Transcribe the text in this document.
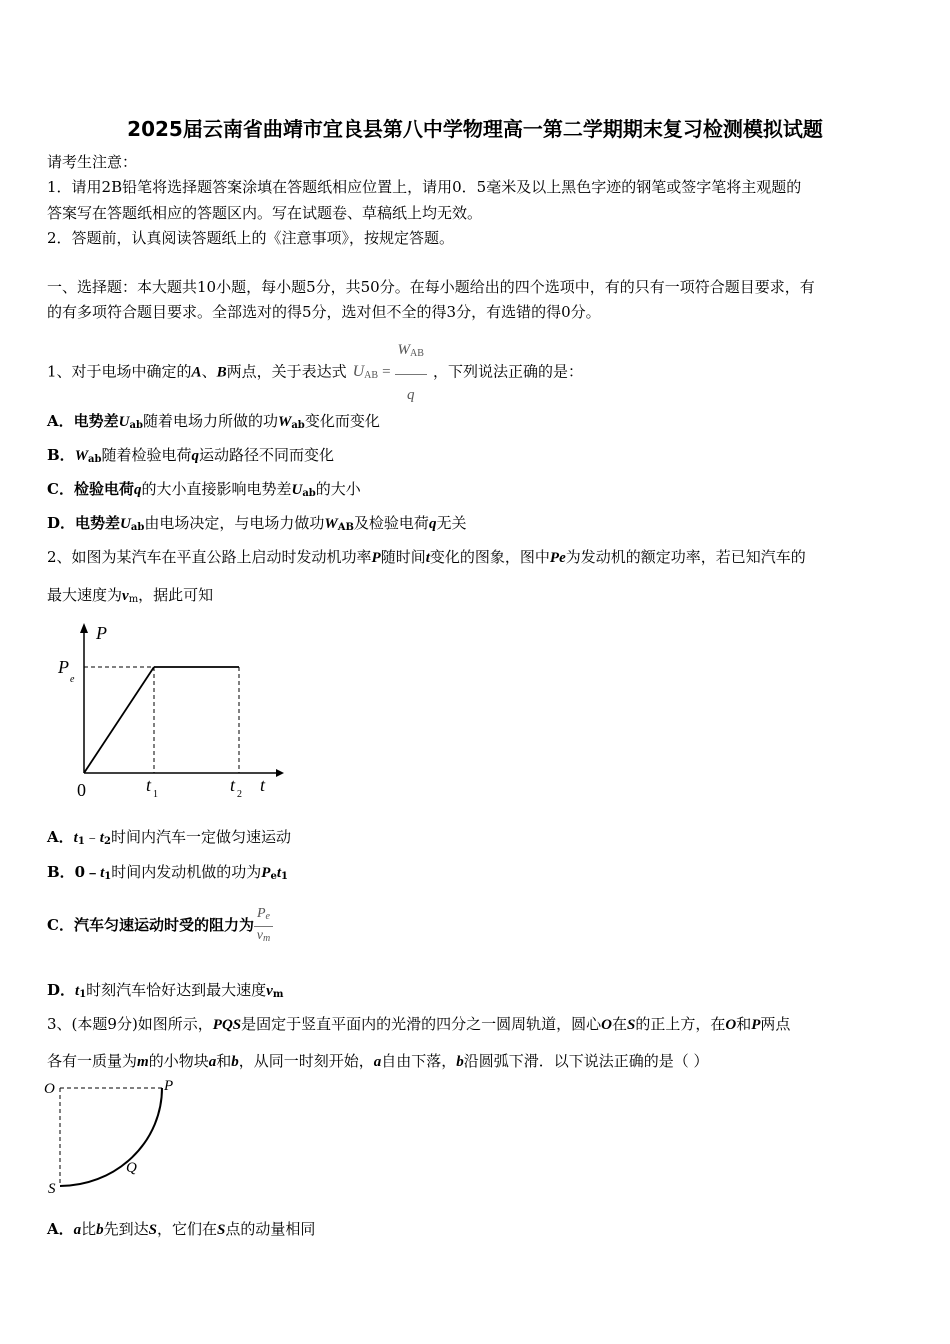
2025届云南省曲靖市宜良县第八中学物理高一第二学期期末复习检测模拟试题
请考生注意：
1．请用2B铅笔将选择题答案涂填在答题纸相应位置上，请用0．5毫米及以上黑色字迹的钢笔或签字笔将主观题的
答案写在答题纸相应的答题区内。写在试题卷、草稿纸上均无效。
2．答题前，认真阅读答题纸上的《注意事项》，按规定答题。
一、选择题：本大题共10小题，每小题5分，共50分。在每小题给出的四个选项中，有的只有一项符合题目要求，有
的有多项符合题目要求。全部选对的得5分，选对但不全的得3分，有选错的得0分。
1、对于电场中确定的A、B两点，关于表达式 $U_{AB} = \frac{W_{AB}}{q}$ ，下列说法正确的是：
A．电势差$U_{ab}$随着电场力所做的功$W_{ab}$变化而变化
B．$W_{ab}$随着检验电荷q运动路径不同而变化
C．检验电荷q的大小直接影响电势差$U_{ab}$的大小
D．电势差$U_{ab}$由电场决定，与电场力做功$W_{AB}$及检验电荷q无关
2、如图为某汽车在平直公路上启动时发动机功率P随时间t变化的图象，图中Pe为发动机的额定功率，若已知汽车的
最大速度为$v_m$，据此可知
P
P
e
0	t 1	t 2 t
A．$t_1﹣t_2$时间内汽车一定做匀速运动
B．$0﹣t_1$时间内发动机做的功为$P_et_1$
C．汽车匀速运动时受的阻力为 $\frac{P_e}{v_m}$
D．$t_1$时刻汽车恰好达到最大速度$v_m$
3、(本题9分)如图所示，PQS是固定于竖直平面内的光滑的四分之一圆周轨道，圆心O在S的正上方，在O和P两点
各有一质量为m的小物块a和b，从同一时刻开始，a自由下落，b沿圆弧下滑．以下说法正确的是（ ）
O	P
Q
S
A．a比b先到达S，它们在S点的动量相同
